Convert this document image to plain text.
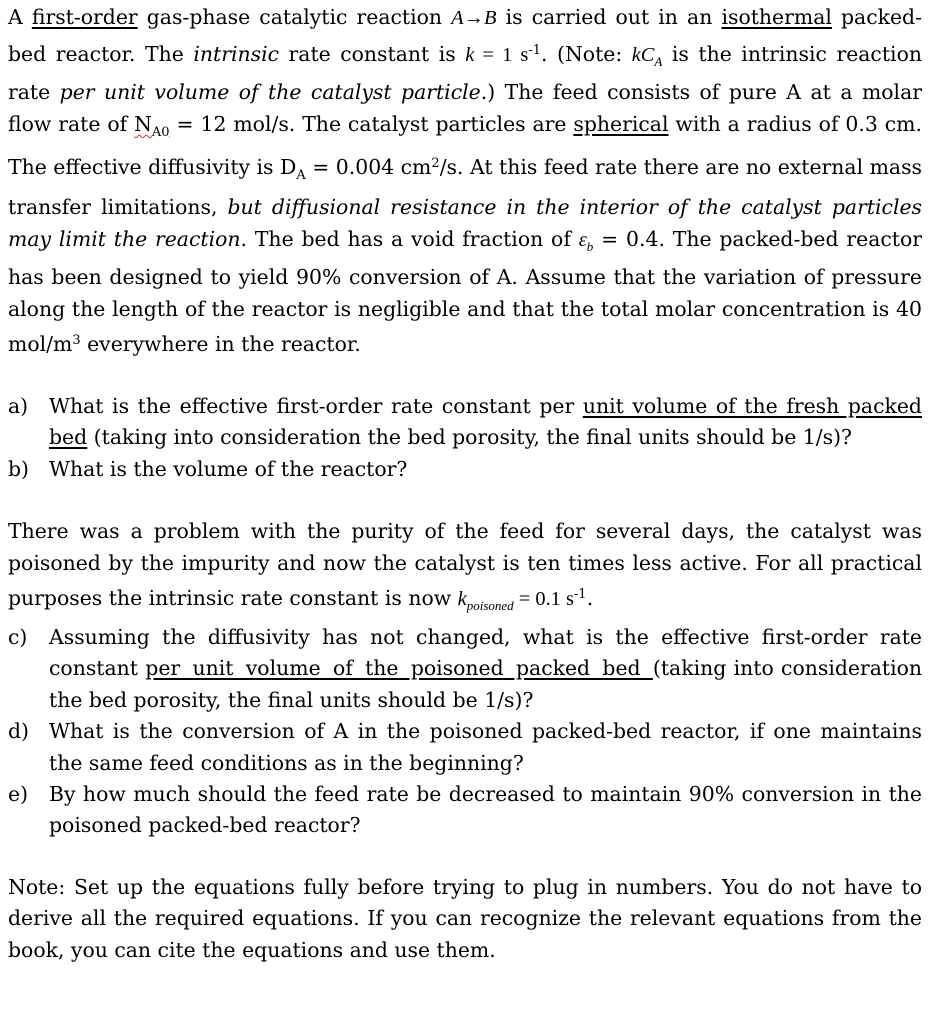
A first-order gas-phase catalytic reaction A→B is carried out in an isothermal packed-bed reactor. The intrinsic rate constant is k = 1 $s^{-1}$. (Note: $kC_A$ is the intrinsic reaction rate per unit volume of the catalyst particle.) The feed consists of pure A at a molar flow rate of $N_{A0} = 12$ mol/s. The catalyst particles are spherical with a radius of 0.3 cm. The effective diffusivity is $D_A = 0.004$ $cm^2/s$. At this feed rate there are no external mass transfer limitations, but diffusional resistance in the interior of the catalyst particles may limit the reaction. The bed has a void fraction of $\varepsilon_b = 0.4$. The packed-bed reactor has been designed to yield 90% conversion of A. Assume that the variation of pressure along the length of the reactor is negligible and that the total molar concentration is 40 mol/$m^3$ everywhere in the reactor.

a) What is the effective first-order rate constant per unit volume of the fresh packed bed (taking into consideration the bed porosity, the final units should be 1/s)?
b) What is the volume of the reactor?

There was a problem with the purity of the feed for several days, the catalyst was poisoned by the impurity and now the catalyst is ten times less active. For all practical purposes the intrinsic rate constant is now $k_{poisoned} = 0.1$ $s^{-1}$.

c) Assuming the diffusivity has not changed, what is the effective first-order rate constant per unit volume of the poisoned packed bed (taking into consideration the bed porosity, the final units should be 1/s)?
d) What is the conversion of A in the poisoned packed-bed reactor, if one maintains the same feed conditions as in the beginning?
e) By how much should the feed rate be decreased to maintain 90% conversion in the poisoned packed-bed reactor?

Note: Set up the equations fully before trying to plug in numbers. You do not have to derive all the required equations. If you can recognize the relevant equations from the book, you can cite the equations and use them.
